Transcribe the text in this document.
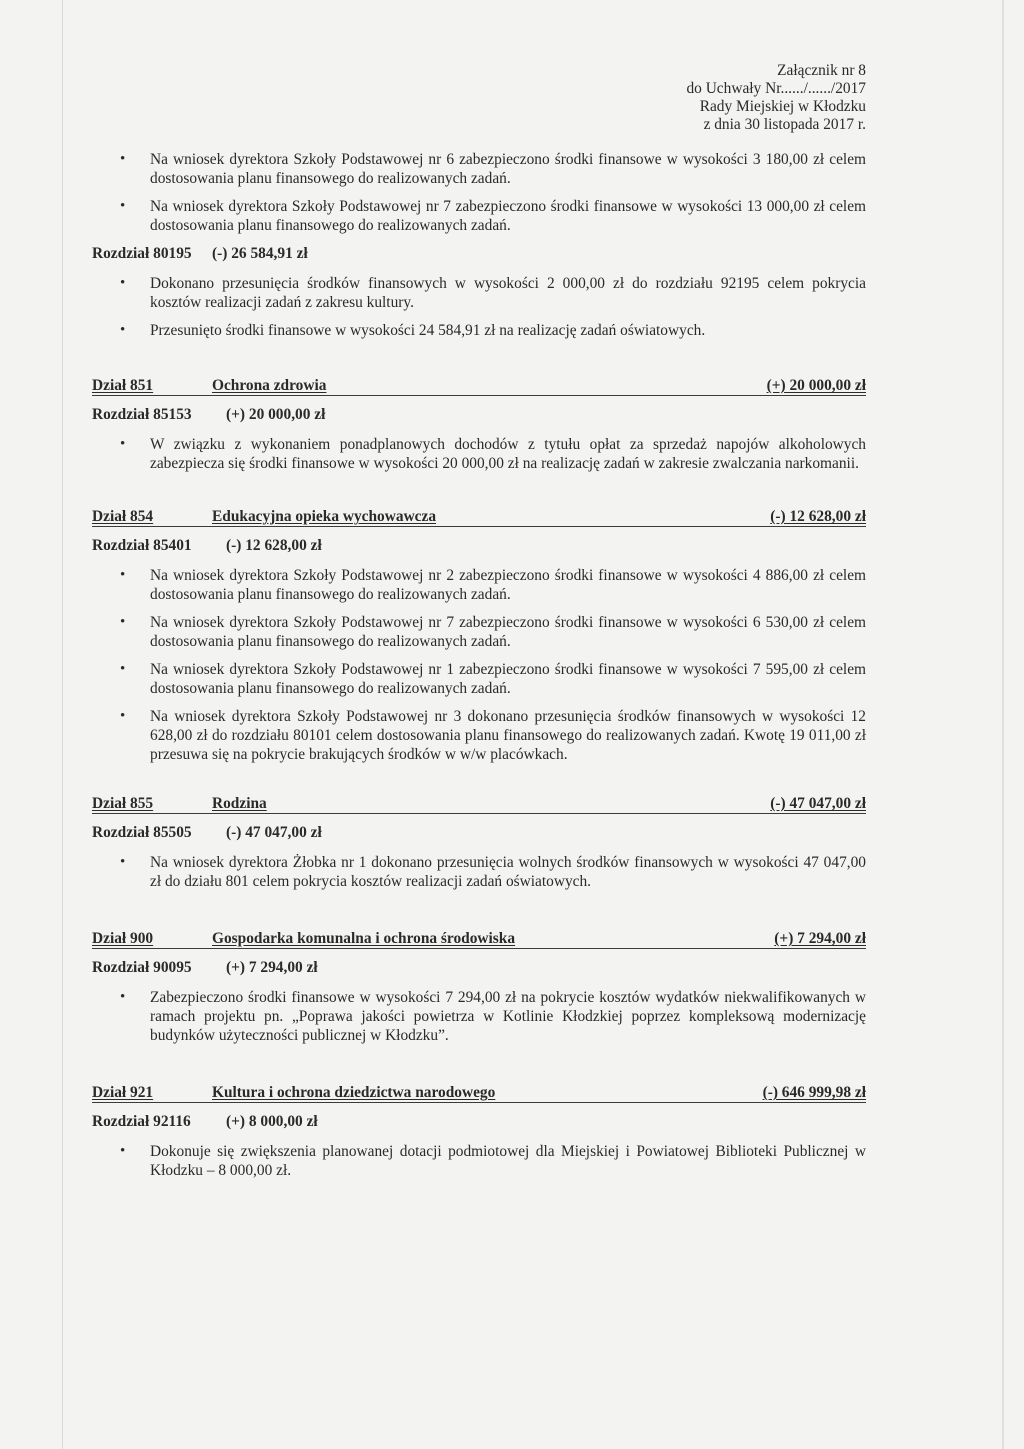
Załącznik nr 8
do Uchwały Nr....../....../2017
Rady Miejskiej w Kłodzku
z dnia 30 listopada 2017 r.
• Na wniosek dyrektora Szkoły Podstawowej nr 6 zabezpieczono środki finansowe w wysokości 3 180,00 zł celem dostosowania planu finansowego do realizowanych zadań.
• Na wniosek dyrektora Szkoły Podstawowej nr 7 zabezpieczono środki finansowe w wysokości 13 000,00 zł celem dostosowania planu finansowego do realizowanych zadań.
Rozdział 80195	(-) 26 584,91 zł
• Dokonano przesunięcia środków finansowych w wysokości 2 000,00 zł do rozdziału 92195 celem pokrycia kosztów realizacji zadań z zakresu kultury.
• Przesunięto środki finansowe w wysokości 24 584,91 zł na realizację zadań oświatowych.
Dział 851	Ochrona zdrowia	(+) 20 000,00 zł
Rozdział 85153	(+) 20 000,00 zł
• W związku z wykonaniem ponadplanowych dochodów z tytułu opłat za sprzedaż napojów alkoholowych zabezpiecza się środki finansowe w wysokości 20 000,00 zł na realizację zadań w zakresie zwalczania narkomanii.
Dział 854	Edukacyjna opieka wychowawcza	(-) 12 628,00 zł
Rozdział 85401	(-) 12 628,00 zł
• Na wniosek dyrektora Szkoły Podstawowej nr 2 zabezpieczono środki finansowe w wysokości 4 886,00 zł celem dostosowania planu finansowego do realizowanych zadań.
• Na wniosek dyrektora Szkoły Podstawowej nr 7 zabezpieczono środki finansowe w wysokości 6 530,00 zł celem dostosowania planu finansowego do realizowanych zadań.
• Na wniosek dyrektora Szkoły Podstawowej nr 1 zabezpieczono środki finansowe w wysokości 7 595,00 zł celem dostosowania planu finansowego do realizowanych zadań.
• Na wniosek dyrektora Szkoły Podstawowej nr 3 dokonano przesunięcia środków finansowych w wysokości 12 628,00 zł do rozdziału 80101 celem dostosowania planu finansowego do realizowanych zadań. Kwotę 19 011,00 zł przesuwa się na pokrycie brakujących środków w w/w placówkach.
Dział 855	Rodzina	(-) 47 047,00 zł
Rozdział 85505	(-) 47 047,00 zł
• Na wniosek dyrektora Żłobka nr 1 dokonano przesunięcia wolnych środków finansowych w wysokości 47 047,00 zł do działu 801 celem pokrycia kosztów realizacji zadań oświatowych.
Dział 900	Gospodarka komunalna i ochrona środowiska	(+) 7 294,00 zł
Rozdział 90095	(+) 7 294,00 zł
• Zabezpieczono środki finansowe w wysokości 7 294,00 zł na pokrycie kosztów wydatków niekwalifikowanych w ramach projektu pn. „Poprawa jakości powietrza w Kotlinie Kłodzkiej poprzez kompleksową modernizację budynków użyteczności publicznej w Kłodzku”.
Dział 921	Kultura i ochrona dziedzictwa narodowego	(-) 646 999,98 zł
Rozdział 92116	(+) 8 000,00 zł
• Dokonuje się zwiększenia planowanej dotacji podmiotowej dla Miejskiej i Powiatowej Biblioteki Publicznej w Kłodzku – 8 000,00 zł.
